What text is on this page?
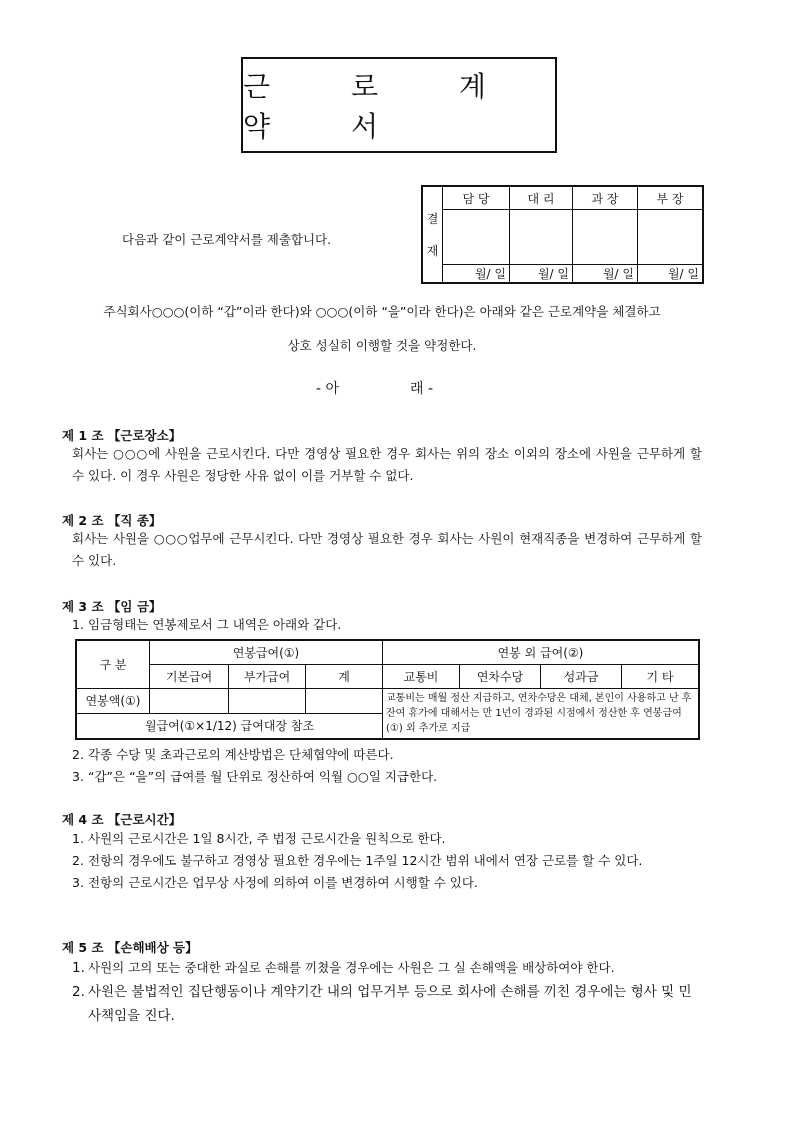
근 로 계 약 서
다음과 같이 근로계약서를 제출합니다.
결
재	담 당	대 리	과 장	부 장

	월/ 일	월/ 일	월/ 일	월/ 일
주식회사○○○(이하 “갑”이라 한다)와 ○○○(이하 “을”이라 한다)은 아래와 같은 근로계약을 체결하고
상호 성실히 이행할 것을 약정한다.
- 아	래 -
제 1 조 【근로장소】
회사는 ○○○에 사원을 근로시킨다. 다만 경영상 필요한 경우 회사는 위의 장소 이외의 장소에 사원을 근무하게 할 수 있다. 이 경우 사원은 정당한 사유 없이 이를 거부할 수 없다.
제 2 조 【직 종】
회사는 사원을 ○○○업무에 근무시킨다. 다만 경영상 필요한 경우 회사는 사원이 현재직종을 변경하여 근무하게 할 수 있다.
제 3 조 【임 금】
1. 임금형태는 연봉제로서 그 내역은 아래와 같다.
구 분	연봉급여(①)			연봉 외 급여(②)			
	기본급여	부가급여	계	교통비	연차수당	성과금	기 타
연봉액(①)				교통비는 매월 정산 지급하고, 연차수당은 대체, 본인이 사용하고 난 후 잔여 휴가에 대해서는 만 1년이 경과된 시점에서 정산한 후 연봉급여(①) 외 추가로 지급			
월급여(①×1/12) 급여대장 참조							
2. 각종 수당 및 초과근로의 계산방법은 단체협약에 따른다.
3. “갑”은 “을”의 급여를 월 단위로 정산하여 익월 ○○일 지급한다.
제 4 조 【근로시간】
1. 사원의 근로시간은 1일 8시간, 주 법정 근로시간을 원칙으로 한다.
2. 전항의 경우에도 불구하고 경영상 필요한 경우에는 1주일 12시간 범위 내에서 연장 근로를 할 수 있다.
3. 전항의 근로시간은 업무상 사정에 의하여 이를 변경하여 시행할 수 있다.
제 5 조 【손해배상 등】
1. 사원의 고의 또는 중대한 과실로 손해를 끼쳤을 경우에는 사원은 그 실 손해액을 배상하여야 한다.
2. 사원은 불법적인 집단행동이나 계약기간 내의 업무거부 등으로 회사에 손해를 끼친 경우에는 형사 및 민사책임을 진다.
